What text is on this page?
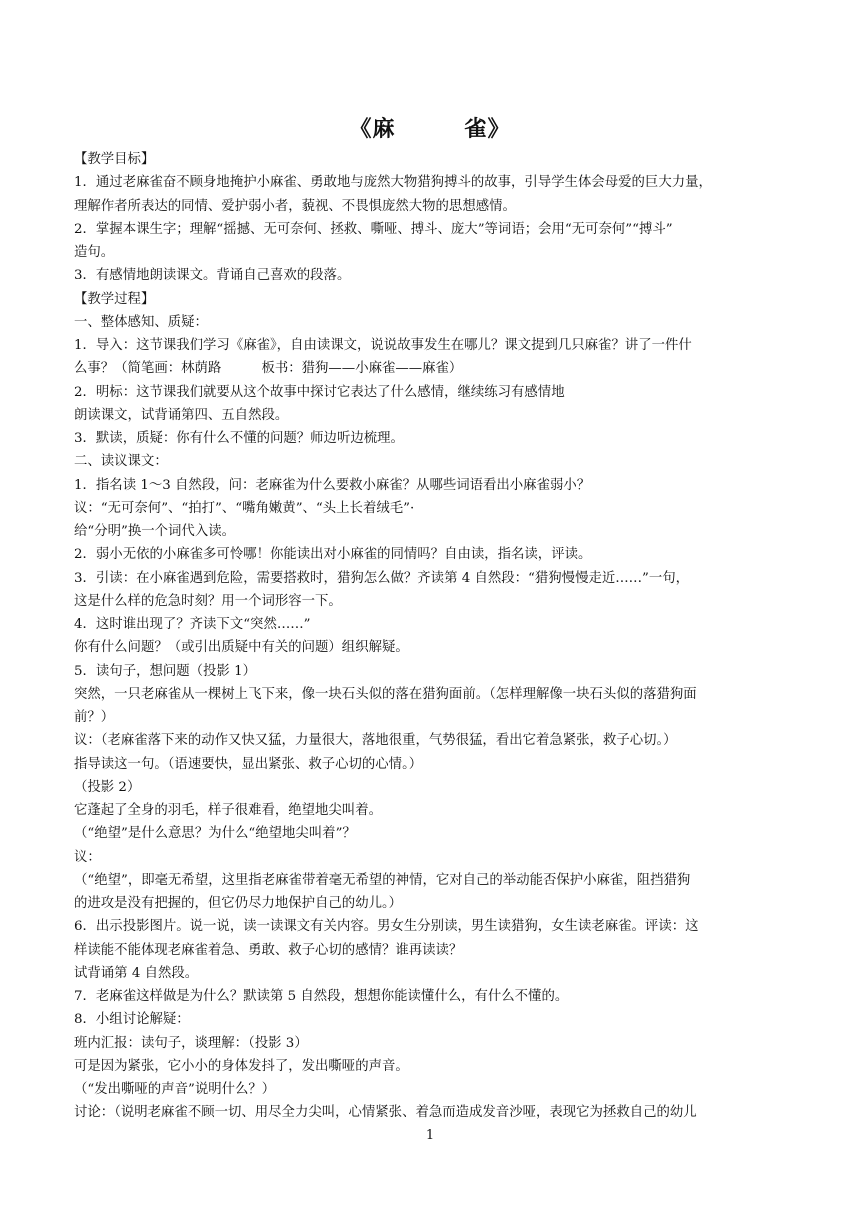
《麻　　　雀》
【教学目标】
1．通过老麻雀奋不顾身地掩护小麻雀、勇敢地与庞然大物猎狗搏斗的故事，引导学生体会母爱的巨大力量，
理解作者所表达的同情、爱护弱小者，藐视、不畏惧庞然大物的思想感情。
2．掌握本课生字；理解“摇撼、无可奈何、拯救、嘶哑、搏斗、庞大”等词语；会用“无可奈何”“搏斗”
造句。
3．有感情地朗读课文。背诵自己喜欢的段落。
【教学过程】
一、整体感知、质疑：
1．导入：这节课我们学习《麻雀》，自由读课文，说说故事发生在哪儿？课文提到几只麻雀？讲了一件什
么事？（简笔画：林荫路　　　板书：猎狗——小麻雀——麻雀）
2．明标：这节课我们就要从这个故事中探讨它表达了什么感情，继续练习有感情地
朗读课文，试背诵第四、五自然段。
3．默读，质疑：你有什么不懂的问题？师边听边梳理。
二、读议课文：
1．指名读 1～3 自然段，问：老麻雀为什么要救小麻雀？从哪些词语看出小麻雀弱小？
议：“无可奈何”、“拍打”、“嘴角嫩黄”、“头上长着绒毛”·
给“分明”换一个词代入读。
2．弱小无依的小麻雀多可怜哪！你能读出对小麻雀的同情吗？自由读，指名读，评读。
3．引读：在小麻雀遇到危险，需要搭救时，猎狗怎么做？齐读第 4 自然段：“猎狗慢慢走近……”一句，
这是什么样的危急时刻？用一个词形容一下。
4．这时谁出现了？齐读下文“突然……”
你有什么问题？（或引出质疑中有关的问题）组织解疑。
5．读句子，想问题（投影 1）
突然，一只老麻雀从一棵树上飞下来，像一块石头似的落在猎狗面前。（怎样理解像一块石头似的落猎狗面
前？）
议：（老麻雀落下来的动作又快又猛，力量很大，落地很重，气势很猛，看出它着急紧张，救子心切。）
指导读这一句。（语速要快，显出紧张、救子心切的心情。）
（投影 2）
它蓬起了全身的羽毛，样子很难看，绝望地尖叫着。
（“绝望”是什么意思？为什么“绝望地尖叫着”？
议：
（“绝望”，即毫无希望，这里指老麻雀带着毫无希望的神情，它对自己的举动能否保护小麻雀，阻挡猎狗
的进攻是没有把握的，但它仍尽力地保护自己的幼儿。）
6．出示投影图片。说一说，读一读课文有关内容。男女生分别读，男生读猎狗，女生读老麻雀。评读：这
样读能不能体现老麻雀着急、勇敢、救子心切的感情？谁再读读？
试背诵第 4 自然段。
7．老麻雀这样做是为什么？默读第 5 自然段，想想你能读懂什么，有什么不懂的。
8．小组讨论解疑：
班内汇报：读句子，谈理解：（投影 3）
可是因为紧张，它小小的身体发抖了，发出嘶哑的声音。
（“发出嘶哑的声音”说明什么？）
讨论：（说明老麻雀不顾一切、用尽全力尖叫，心情紧张、着急而造成发音沙哑，表现它为拯救自己的幼儿
1
